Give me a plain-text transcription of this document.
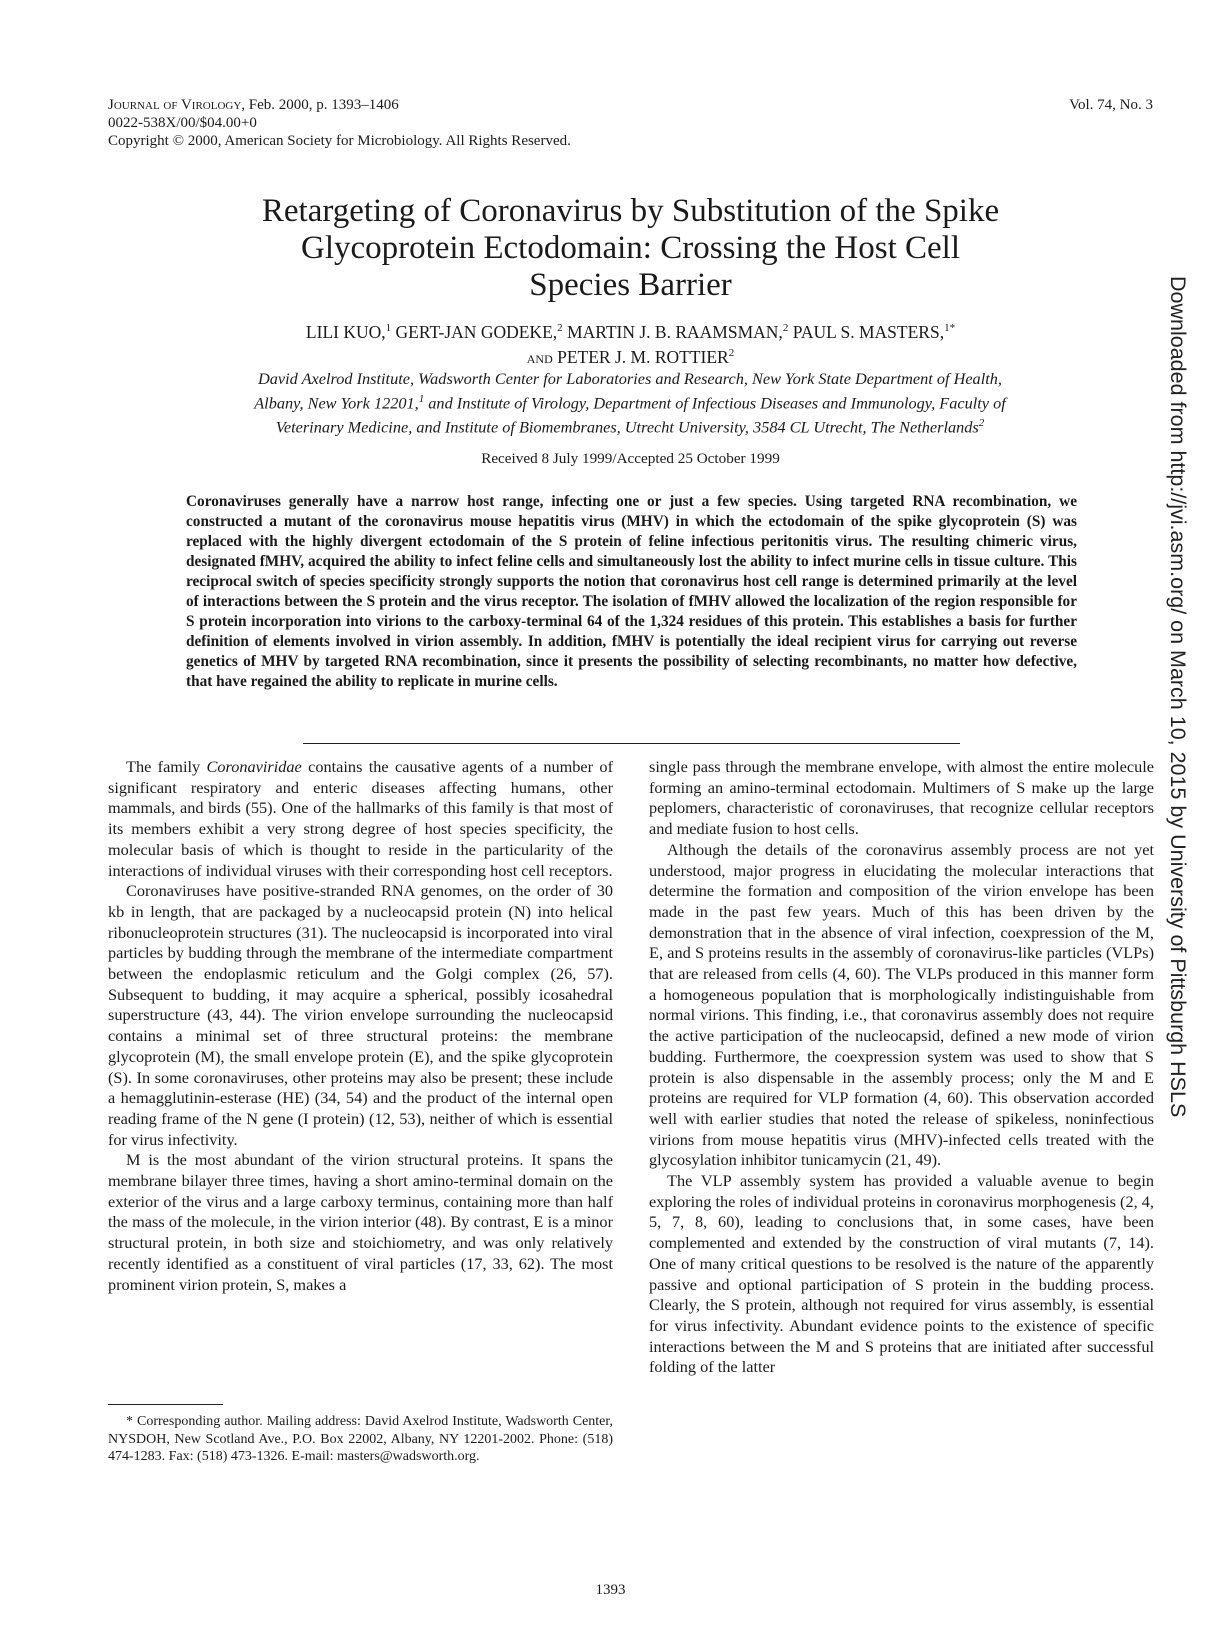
Journal of Virology, Feb. 2000, p. 1393–1406
0022-538X/00/$04.00+0
Copyright © 2000, American Society for Microbiology. All Rights Reserved.
Vol. 74, No. 3
Retargeting of Coronavirus by Substitution of the Spike
Glycoprotein Ectodomain: Crossing the Host Cell
Species Barrier
LILI KUO,$^1$ GERT-JAN GODEKE,$^2$ MARTIN J. B. RAAMSMAN,$^2$ PAUL S. MASTERS,$^{1*}$
and PETER J. M. ROTTIER$^2$
David Axelrod Institute, Wadsworth Center for Laboratories and Research, New York State Department of Health,
Albany, New York 12201,$^1$ and Institute of Virology, Department of Infectious Diseases and Immunology, Faculty of
Veterinary Medicine, and Institute of Biomembranes, Utrecht University, 3584 CL Utrecht, The Netherlands$^2$
Received 8 July 1999/Accepted 25 October 1999
Coronaviruses generally have a narrow host range, infecting one or just a few species. Using targeted RNA recombination, we constructed a mutant of the coronavirus mouse hepatitis virus (MHV) in which the ectodomain of the spike glycoprotein (S) was replaced with the highly divergent ectodomain of the S protein of feline infectious peritonitis virus. The resulting chimeric virus, designated fMHV, acquired the ability to infect feline cells and simultaneously lost the ability to infect murine cells in tissue culture. This reciprocal switch of species specificity strongly supports the notion that coronavirus host cell range is determined primarily at the level of interactions between the S protein and the virus receptor. The isolation of fMHV allowed the localization of the region responsible for S protein incorporation into virions to the carboxy-terminal 64 of the 1,324 residues of this protein. This establishes a basis for further definition of elements involved in virion assembly. In addition, fMHV is potentially the ideal recipient virus for carrying out reverse genetics of MHV by targeted RNA recombination, since it presents the possibility of selecting recombinants, no matter how defective, that have regained the ability to replicate in murine cells.

The family Coronaviridae contains the causative agents of a number of significant respiratory and enteric diseases affecting humans, other mammals, and birds (55). One of the hallmarks of this family is that most of its members exhibit a very strong degree of host species specificity, the molecular basis of which is thought to reside in the particularity of the interactions of individual viruses with their corresponding host cell receptors.

Coronaviruses have positive-stranded RNA genomes, on the order of 30 kb in length, that are packaged by a nucleocapsid protein (N) into helical ribonucleoprotein structures (31). The nucleocapsid is incorporated into viral particles by budding through the membrane of the intermediate compartment between the endoplasmic reticulum and the Golgi complex (26, 57). Subsequent to budding, it may acquire a spherical, possibly icosahedral superstructure (43, 44). The virion envelope surrounding the nucleocapsid contains a minimal set of three structural proteins: the membrane glycoprotein (M), the small envelope protein (E), and the spike glycoprotein (S). In some coronaviruses, other proteins may also be present; these include a hemagglutinin-esterase (HE) (34, 54) and the product of the internal open reading frame of the N gene (I protein) (12, 53), neither of which is essential for virus infectivity.

M is the most abundant of the virion structural proteins. It spans the membrane bilayer three times, having a short amino-terminal domain on the exterior of the virus and a large carboxy terminus, containing more than half the mass of the molecule, in the virion interior (48). By contrast, E is a minor structural protein, in both size and stoichiometry, and was only relatively recently identified as a constituent of viral particles (17, 33, 62). The most prominent virion protein, S, makes a

* Corresponding author. Mailing address: David Axelrod Institute, Wadsworth Center, NYSDOH, New Scotland Ave., P.O. Box 22002, Albany, NY 12201-2002. Phone: (518) 474-1283. Fax: (518) 473-1326. E-mail: masters@wadsworth.org.

single pass through the membrane envelope, with almost the entire molecule forming an amino-terminal ectodomain. Multimers of S make up the large peplomers, characteristic of coronaviruses, that recognize cellular receptors and mediate fusion to host cells.

Although the details of the coronavirus assembly process are not yet understood, major progress in elucidating the molecular interactions that determine the formation and composition of the virion envelope has been made in the past few years. Much of this has been driven by the demonstration that in the absence of viral infection, coexpression of the M, E, and S proteins results in the assembly of coronavirus-like particles (VLPs) that are released from cells (4, 60). The VLPs produced in this manner form a homogeneous population that is morphologically indistinguishable from normal virions. This finding, i.e., that coronavirus assembly does not require the active participation of the nucleocapsid, defined a new mode of virion budding. Furthermore, the coexpression system was used to show that S protein is also dispensable in the assembly process; only the M and E proteins are required for VLP formation (4, 60). This observation accorded well with earlier studies that noted the release of spikeless, noninfectious virions from mouse hepatitis virus (MHV)-infected cells treated with the glycosylation inhibitor tunicamycin (21, 49).

The VLP assembly system has provided a valuable avenue to begin exploring the roles of individual proteins in coronavirus morphogenesis (2, 4, 5, 7, 8, 60), leading to conclusions that, in some cases, have been complemented and extended by the construction of viral mutants (7, 14). One of many critical questions to be resolved is the nature of the apparently passive and optional participation of S protein in the budding process. Clearly, the S protein, although not required for virus assembly, is essential for virus infectivity. Abundant evidence points to the existence of specific interactions between the M and S proteins that are initiated after successful folding of the latter

1393
Downloaded from http://jvi.asm.org/ on March 10, 2015 by University of Pittsburgh HSLS
